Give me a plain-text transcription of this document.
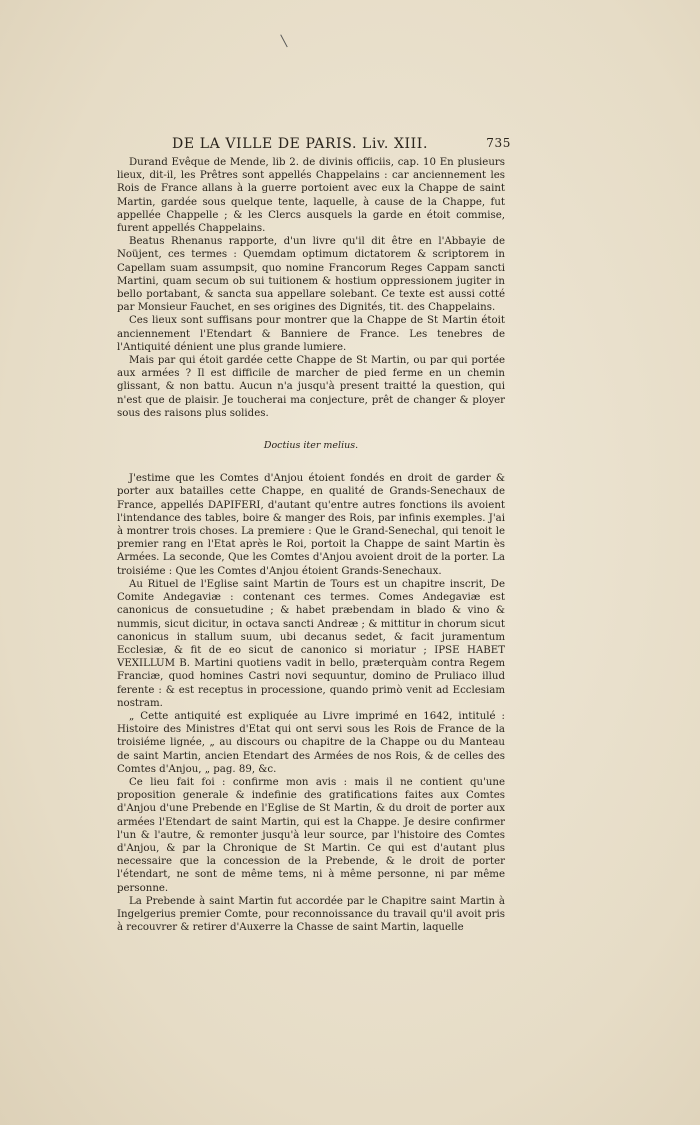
DE LA VILLE DE PARIS. Liv. XIII.	735

Durand Evêque de Mende, lib 2. de divinis officiis, cap. 10 En plusieurs lieux, dit-il, les Prêtres sont appellés Chappelains : car anciennement les Rois de France allans à la guerre portoient avec eux la Chappe de saint Martin, gardée sous quelque tente, laquelle, à cause de la Chappe, fut appellée Chappelle ; & les Clercs ausquels la garde en étoit commise, furent appellés Chappelains.

Beatus Rhenanus rapporte, d'un livre qu'il dit être en l'Abbayie de Noüjent, ces termes : Quemdam optimum dictatorem & scriptorem in Capellam suam assumpsit, quo nomine Francorum Reges Cappam sancti Martini, quam secum ob sui tuitionem & hostium oppressionem jugiter in bello portabant, & sancta sua appellare solebant. Ce texte est aussi cotté par Monsieur Fauchet, en ses origines des Dignités, tit. des Chappelains.

Ces lieux sont suffisans pour montrer que la Chappe de St Martin étoit anciennement l'Etendart & Banniere de France. Les tenebres de l'Antiquité dénient une plus grande lumiere.

Mais par qui étoit gardée cette Chappe de St Martin, ou par qui portée aux armées ? Il est difficile de marcher de pied ferme en un chemin glissant, & non battu. Aucun n'a jusqu'à present traitté la question, qui n'est que de plaisir. Je toucherai ma conjecture, prêt de changer & ployer sous des raisons plus solides.

Doctius iter melius.

J'estime que les Comtes d'Anjou étoient fondés en droit de garder & porter aux batailles cette Chappe, en qualité de Grands-Senechaux de France, appellés DAPIFERI, d'autant qu'entre autres fonctions ils avoient l'intendance des tables, boire & manger des Rois, par infinis exemples. J'ai à montrer trois choses. La premiere : Que le Grand-Senechal, qui tenoit le premier rang en l'Etat après le Roi, portoit la Chappe de saint Martin ès Armées. La seconde, Que les Comtes d'Anjou avoient droit de la porter. La troisiéme : Que les Comtes d'Anjou étoient Grands-Senechaux.

Au Rituel de l'Eglise saint Martin de Tours est un chapitre inscrit, De Comite Andegaviæ : contenant ces termes. Comes Andegaviæ est canonicus de consuetudine ; & habet præbendam in blado & vino & nummis, sicut dicitur, in octava sancti Andreæ ; & mittitur in chorum sicut canonicus in stallum suum, ubi decanus sedet, & facit juramentum Ecclesiæ, & fit de eo sicut de canonico si moriatur ; IPSE HABET VEXILLUM B. Martini quotiens vadit in bello, præterquàm contra Regem Franciæ, quod homines Castri novi sequuntur, domino de Pruliaco illud ferente : & est receptus in processione, quando primò venit ad Ecclesiam nostram.

„ Cette antiquité est expliquée au Livre imprimé en 1642, intitulé : Histoire des Ministres d'Etat qui ont servi sous les Rois de France de la troisiéme lignée, „ au discours ou chapitre de la Chappe ou du Manteau de saint Martin, ancien Etendart des Armées de nos Rois, & de celles des Comtes d'Anjou, „ pag. 89, &c.

Ce lieu fait foi : confirme mon avis : mais il ne contient qu'une proposition generale & indefinie des gratifications faites aux Comtes d'Anjou d'une Prebende en l'Eglise de St Martin, & du droit de porter aux armées l'Etendart de saint Martin, qui est la Chappe. Je desire confirmer l'un & l'autre, & remonter jusqu'à leur source, par l'histoire des Comtes d'Anjou, & par la Chronique de St Martin. Ce qui est d'autant plus necessaire que la concession de la Prebende, & le droit de porter l'étendart, ne sont de même tems, ni à même personne, ni par même personne.

La Prebende à saint Martin fut accordée par le Chapitre saint Martin à Ingelgerius premier Comte, pour reconnoissance du travail qu'il avoit pris à recouvrer & retirer d'Auxerre la Chasse de saint Martin, laquelle
